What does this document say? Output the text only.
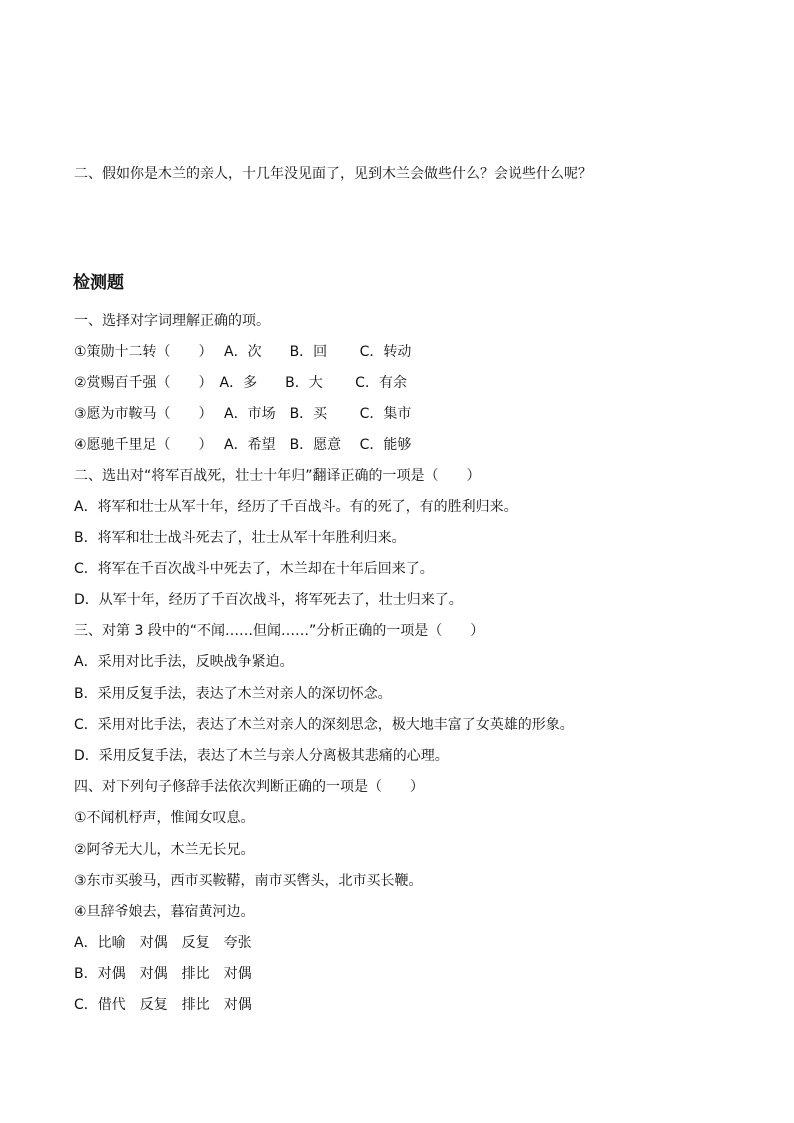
二、假如你是木兰的亲人，十几年没见面了，见到木兰会做些什么？会说些什么呢？

检测题

一、选择对字词理解正确的项。

①策勋十二转（　　）　 A．次　　B．回　　 C．转动

②赏赐百千强（　　）　A．多　　B．大　　 C．有余

③愿为市鞍马（　　）　 A．市场　B．买　　 C．集市

④愿驰千里足（　　）　 A．希望　B．愿意　 C．能够

二、选出对“将军百战死，壮士十年归”翻译正确的一项是（　　）

A．将军和壮士从军十年，经历了千百战斗。有的死了，有的胜利归来。

B．将军和壮士战斗死去了，壮士从军十年胜利归来。

C．将军在千百次战斗中死去了，木兰却在十年后回来了。

D．从军十年，经历了千百次战斗，将军死去了，壮士归来了。

三、对第 3 段中的“不闻……但闻……”分析正确的一项是（　　）

A．采用对比手法，反映战争紧迫。

B．采用反复手法，表达了木兰对亲人的深切怀念。

C．采用对比手法，表达了木兰对亲人的深刻思念，极大地丰富了女英雄的形象。

D．采用反复手法，表达了木兰与亲人分离极其悲痛的心理。

四、对下列句子修辞手法依次判断正确的一项是（　　）

①不闻机杼声，惟闻女叹息。

②阿爷无大儿，木兰无长兄。

③东市买骏马，西市买鞍鞯，南市买辔头，北市买长鞭。

④旦辞爷娘去，暮宿黄河边。

A．比喻　对偶　反复　夸张

B．对偶　对偶　排比　对偶

C．借代　反复　排比　对偶
